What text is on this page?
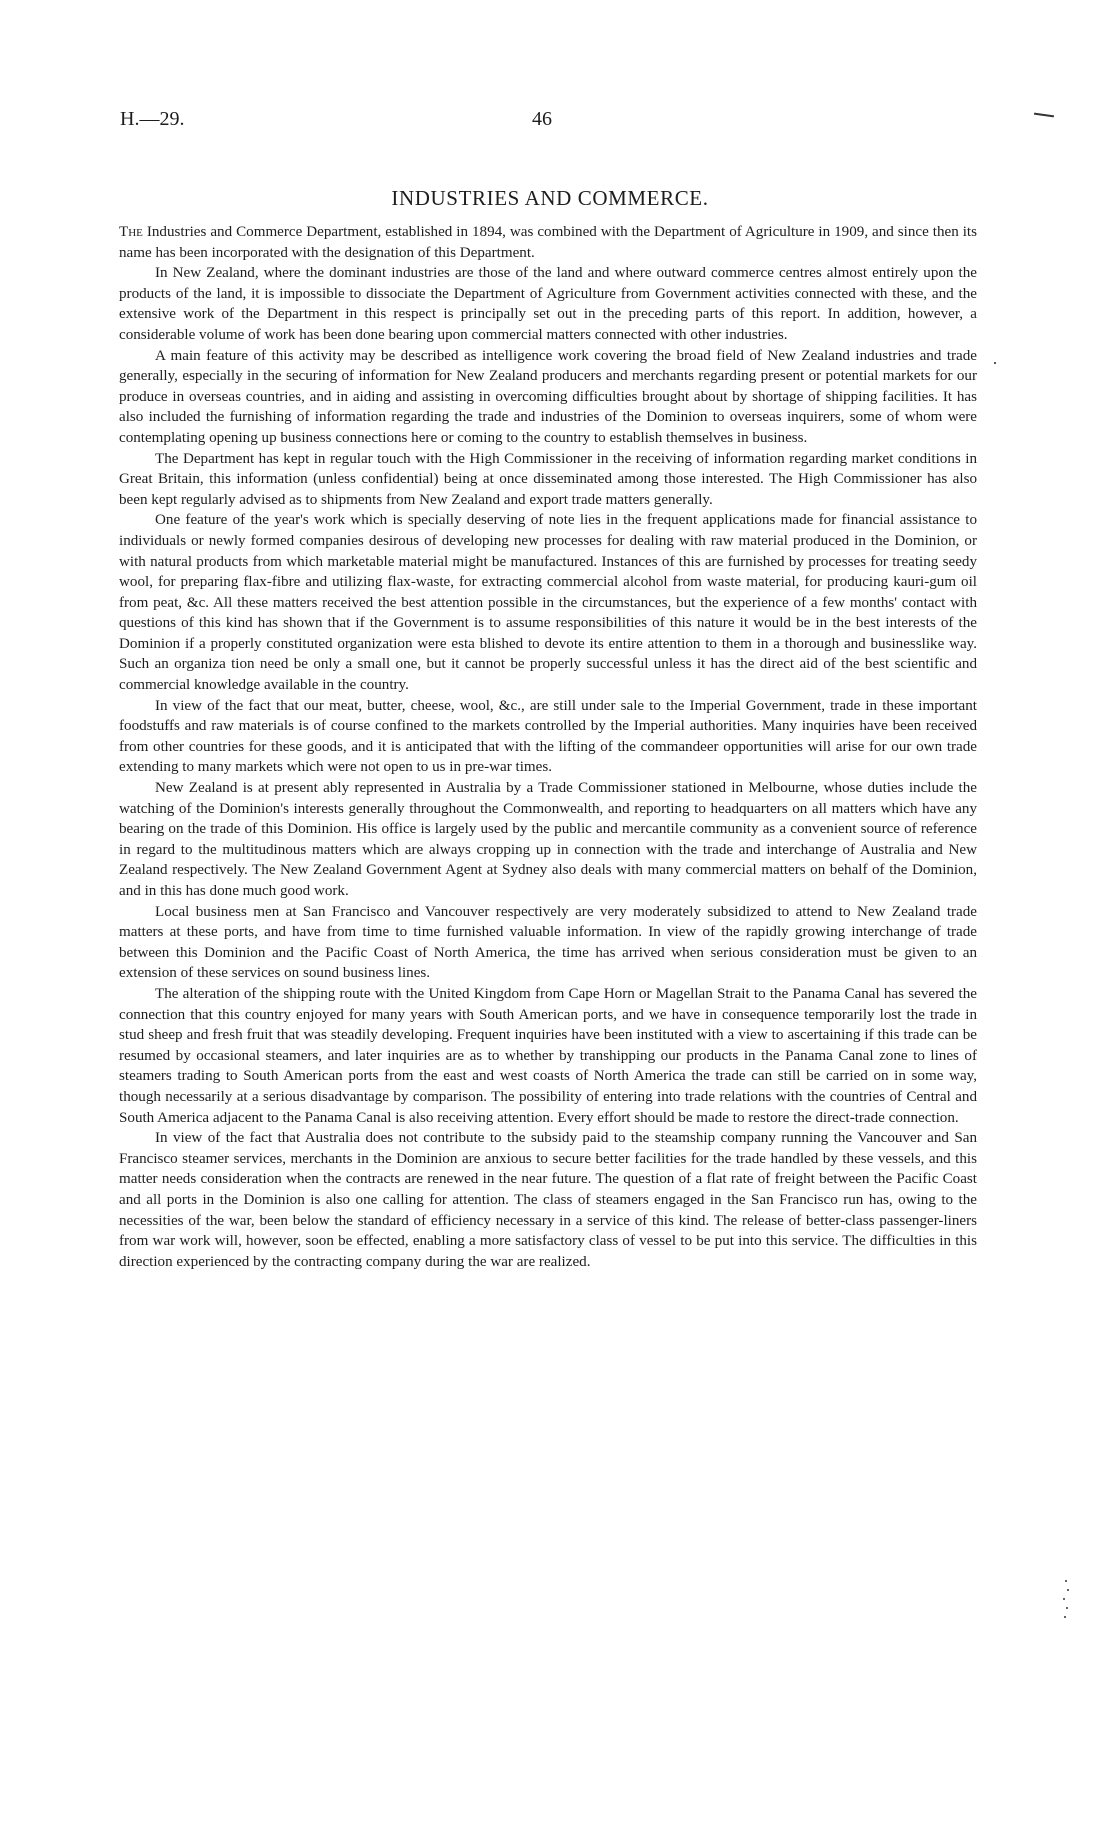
H.—29.	46
INDUSTRIES AND COMMERCE.

The Industries and Commerce Department, established in 1894, was combined with the Department of Agriculture in 1909, and since then its name has been incorporated with the designation of this Department.

In New Zealand, where the dominant industries are those of the land and where outward commerce centres almost entirely upon the products of the land, it is impossible to dissociate the Department of Agriculture from Government activities connected with these, and the extensive work of the Department in this respect is principally set out in the preceding parts of this report. In addition, however, a considerable volume of work has been done bearing upon commercial matters connected with other industries.

A main feature of this activity may be described as intelligence work covering the broad field of New Zealand industries and trade generally, especially in the securing of information for New Zealand producers and merchants regarding present or potential markets for our produce in overseas countries, and in aiding and assisting in overcoming difficulties brought about by shortage of shipping facilities. It has also included the furnishing of information regarding the trade and industries of the Dominion to overseas inquirers, some of whom were contemplating opening up business connections here or coming to the country to establish themselves in business.

The Department has kept in regular touch with the High Commissioner in the receiving of information regarding market conditions in Great Britain, this information (unless confidential) being at once disseminated among those interested. The High Commissioner has also been kept regularly advised as to shipments from New Zealand and export trade matters generally.

One feature of the year's work which is specially deserving of note lies in the frequent applications made for financial assistance to individuals or newly formed companies desirous of developing new processes for dealing with raw material produced in the Dominion, or with natural products from which marketable material might be manufactured. Instances of this are furnished by processes for treating seedy wool, for preparing flax-fibre and utilizing flax-waste, for extracting commercial alcohol from waste material, for producing kauri-gum oil from peat, &c. All these matters received the best attention possible in the circumstances, but the experience of a few months' contact with questions of this kind has shown that if the Government is to assume responsibilities of this nature it would be in the best interests of the Dominion if a properly constituted organization were esta blished to devote its entire attention to them in a thorough and businesslike way. Such an organiza tion need be only a small one, but it cannot be properly successful unless it has the direct aid of the best scientific and commercial knowledge available in the country.

In view of the fact that our meat, butter, cheese, wool, &c., are still under sale to the Imperial Government, trade in these important foodstuffs and raw materials is of course confined to the markets controlled by the Imperial authorities. Many inquiries have been received from other countries for these goods, and it is anticipated that with the lifting of the commandeer opportunities will arise for our own trade extending to many markets which were not open to us in pre-war times.

New Zealand is at present ably represented in Australia by a Trade Commissioner stationed in Melbourne, whose duties include the watching of the Dominion's interests generally throughout the Commonwealth, and reporting to headquarters on all matters which have any bearing on the trade of this Dominion. His office is largely used by the public and mercantile community as a convenient source of reference in regard to the multitudinous matters which are always cropping up in connection with the trade and interchange of Australia and New Zealand respectively. The New Zealand Government Agent at Sydney also deals with many commercial matters on behalf of the Dominion, and in this has done much good work.

Local business men at San Francisco and Vancouver respectively are very moderately subsidized to attend to New Zealand trade matters at these ports, and have from time to time furnished valuable information. In view of the rapidly growing interchange of trade between this Dominion and the Pacific Coast of North America, the time has arrived when serious consideration must be given to an extension of these services on sound business lines.

The alteration of the shipping route with the United Kingdom from Cape Horn or Magellan Strait to the Panama Canal has severed the connection that this country enjoyed for many years with South American ports, and we have in consequence temporarily lost the trade in stud sheep and fresh fruit that was steadily developing. Frequent inquiries have been instituted with a view to ascertaining if this trade can be resumed by occasional steamers, and later inquiries are as to whether by transhipping our products in the Panama Canal zone to lines of steamers trading to South American ports from the east and west coasts of North America the trade can still be carried on in some way, though necessarily at a serious disadvantage by comparison. The possibility of entering into trade relations with the countries of Central and South America adjacent to the Panama Canal is also receiving attention. Every effort should be made to restore the direct-trade connection.

In view of the fact that Australia does not contribute to the subsidy paid to the steamship company running the Vancouver and San Francisco steamer services, merchants in the Dominion are anxious to secure better facilities for the trade handled by these vessels, and this matter needs consideration when the contracts are renewed in the near future. The question of a flat rate of freight between the Pacific Coast and all ports in the Dominion is also one calling for attention. The class of steamers engaged in the San Francisco run has, owing to the necessities of the war, been below the standard of efficiency necessary in a service of this kind. The release of better-class passenger-liners from war work will, however, soon be effected, enabling a more satisfactory class of vessel to be put into this service. The difficulties in this direction experienced by the contracting company during the war are realized.
